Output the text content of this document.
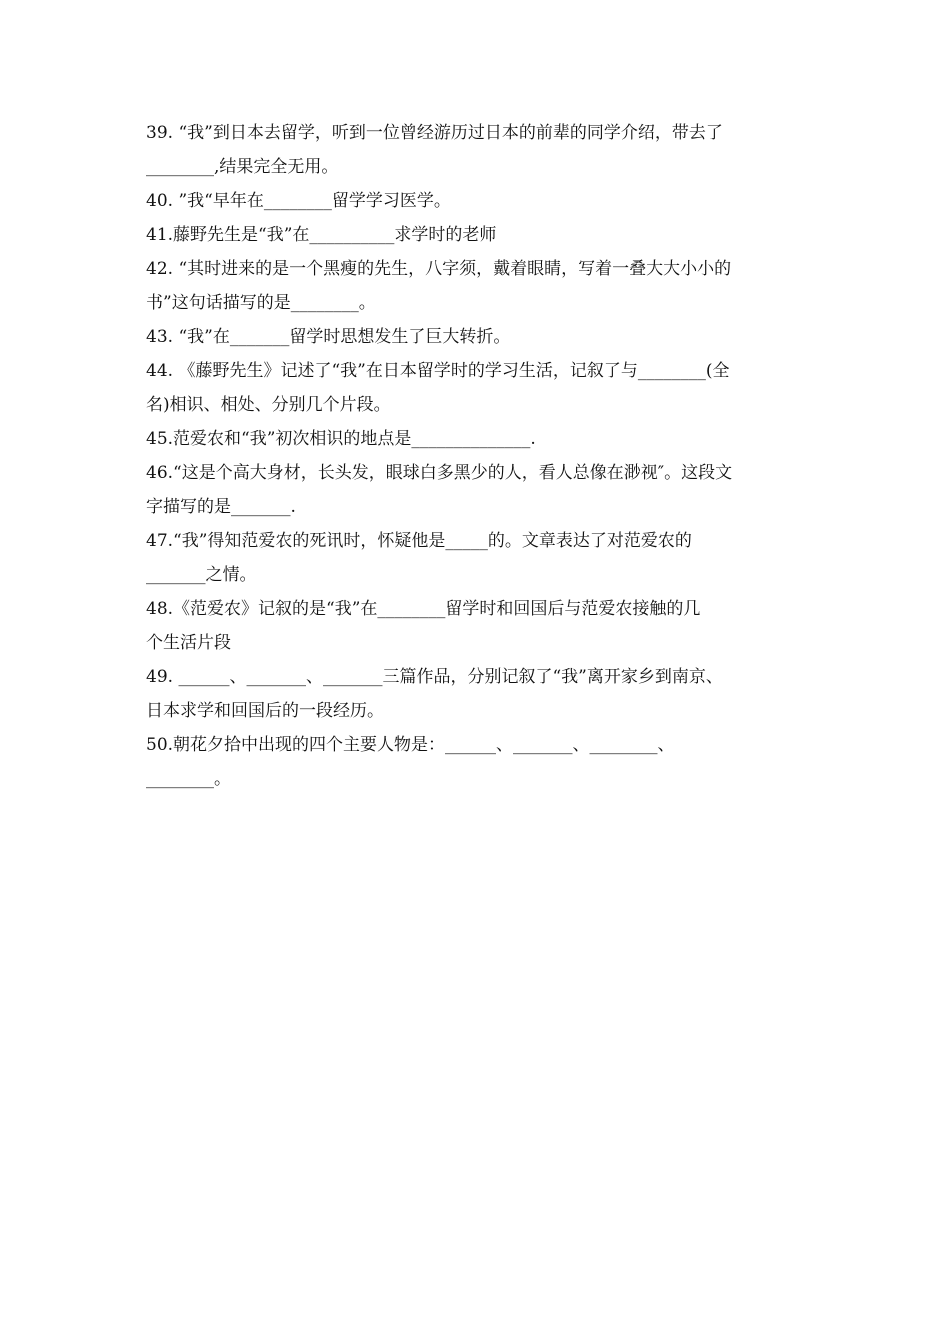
39. “我”到日本去留学，听到一位曾经游历过日本的前辈的同学介绍，带去了
________,结果完全无用。
40. ”我“早年在________留学学习医学。
41.藤野先生是“我”在__________求学时的老师
42. “其时进来的是一个黑瘦的先生，八字须，戴着眼睛，写着一叠大大小小的
书”这句话描写的是________。
43. “我”在_______留学时思想发生了巨大转折。
44. 《藤野先生》记述了“我”在日本留学时的学习生活，记叙了与________(全
名)相识、相处、分别几个片段。
45.范爱农和“我”初次相识的地点是______________.
46.“这是个高大身材，长头发，眼球白多黑少的人，看人总像在渺视″。这段文
字描写的是_______.
47.“我”得知范爱农的死讯时，怀疑他是_____的。文章表达了对范爱农的
_______之情。
48.《范爱农》记叙的是“我”在________留学时和回国后与范爱农接触的几
个生活片段
49. ______、_______、_______三篇作品，分别记叙了“我”离开家乡到南京、
日本求学和回国后的一段经历。
50.朝花夕拾中出现的四个主要人物是：______、_______、________、
________。
